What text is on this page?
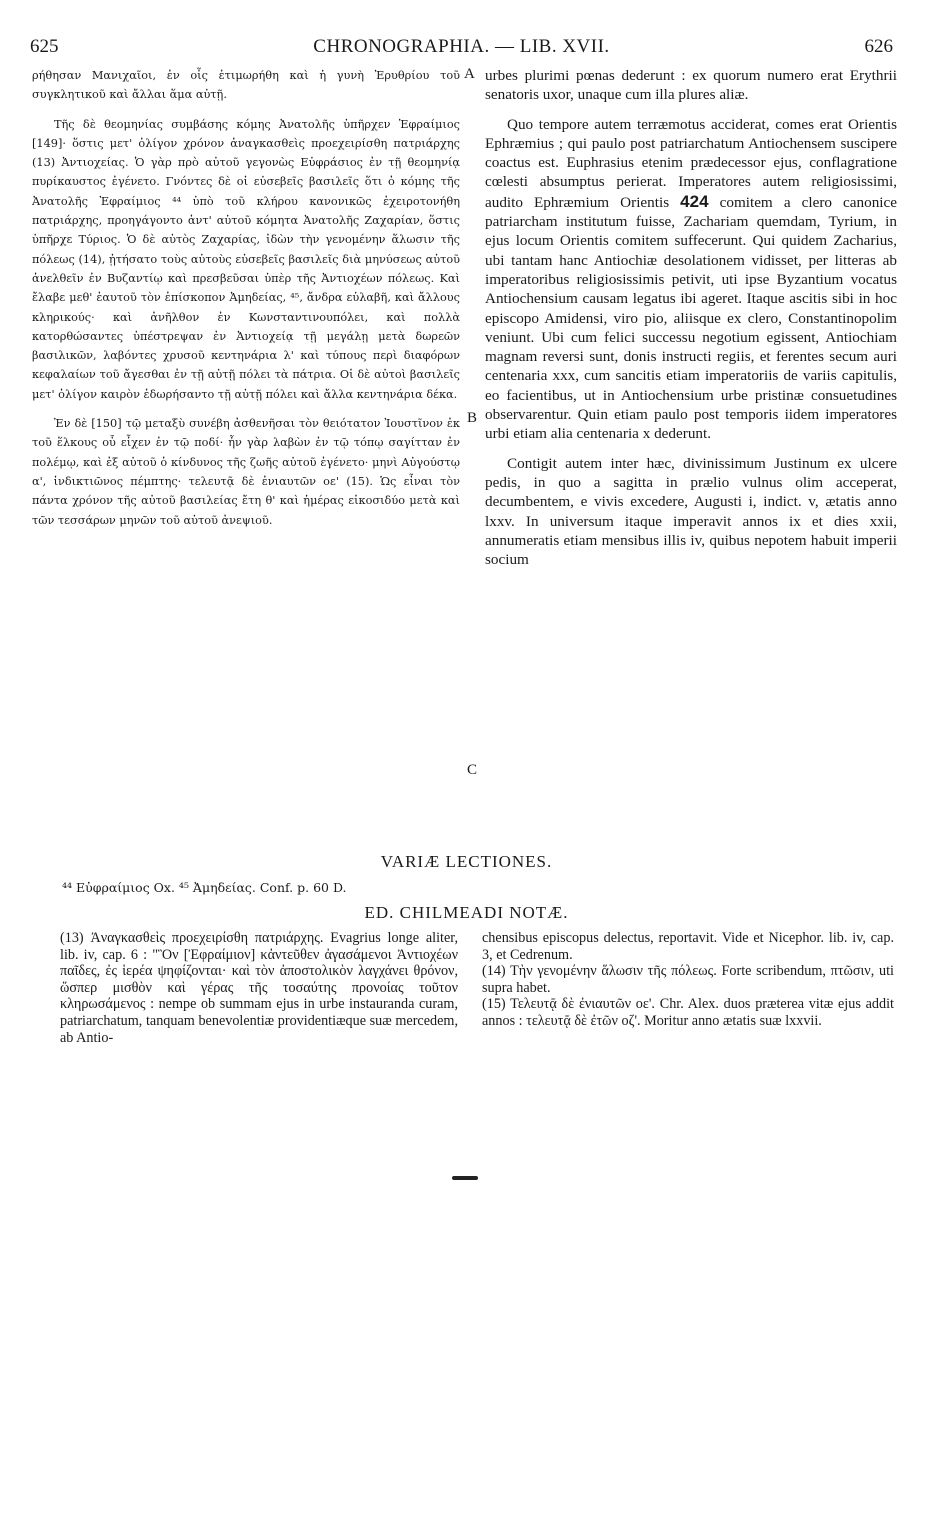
625	CHRONOGRAPHIA. — LIB. XVII.	626

ρήθησαν Μανιχαῖοι, ἐν οἷς ἐτιμωρήθη καὶ ἡ γυνὴ Ἐρυθρίου τοῦ συγκλητικοῦ καὶ ἄλλαι ἅμα αὐτῇ.

Τῆς δὲ θεομηνίας συμβάσης κόμης Ἀνατολῆς ὑπῆρχεν Ἐφραίμιος [149]· ὅστις μετ' ὀλίγον χρόνον ἀναγκασθεὶς προεχειρίσθη πατριάρχης (13) Ἀντιοχείας. Ὁ γὰρ πρὸ αὐτοῦ γεγονὼς Εὐφράσιος ἐν τῇ θεομηνίᾳ πυρίκαυστος ἐγένετο. Γνόντες δὲ οἱ εὐσεβεῖς βασιλεῖς ὅτι ὁ κόμης τῆς Ἀνατολῆς Ἐφραίμιος ⁴⁴ ὑπὸ τοῦ κλήρου κανονικῶς ἐχειροτονήθη πατριάρχης, προηγάγοντο ἀντ' αὐτοῦ κόμητα Ἀνατολῆς Ζαχαρίαν, ὅστις ὑπῆρχε Τύριος. Ὁ δὲ αὐτὸς Ζαχαρίας, ἰδὼν τὴν γενομένην ἅλωσιν τῆς πόλεως (14), ᾐτήσατο τοὺς αὐτοὺς εὐσεβεῖς βασιλεῖς διὰ μηνύσεως αὐτοῦ ἀνελθεῖν ἐν Βυζαντίῳ καὶ πρεσβεῦσαι ὑπὲρ τῆς Ἀντιοχέων πόλεως. Καὶ ἔλαβε μεθ' ἑαυτοῦ τὸν ἐπίσκοπον Ἀμηδείας, ⁴⁵, ἄνδρα εὐλαβῆ, καὶ ἄλλους κληρικούς· καὶ ἀνῆλθον ἐν Κωνσταντινουπόλει, καὶ πολλὰ κατορθώσαντες ὑπέστρεψαν ἐν Ἀντιοχείᾳ τῇ μεγάλῃ μετὰ δωρεῶν βασιλικῶν, λαβόντες χρυσοῦ κεντηνάρια λ' καὶ τύπους περὶ διαφόρων κεφαλαίων τοῦ ἄγεσθαι ἐν τῇ αὐτῇ πόλει τὰ πάτρια. Οἱ δὲ αὐτοὶ βασιλεῖς μετ' ὀλίγον καιρὸν ἐδωρήσαντο τῇ αὐτῇ πόλει καὶ ἄλλα κεντηνάρια δέκα.

Ἐν δὲ [150] τῷ μεταξὺ συνέβη ἀσθενῆσαι τὸν θειότατον Ἰουστῖνον ἐκ τοῦ ἕλκους οὗ εἶχεν ἐν τῷ ποδί· ἦν γὰρ λαβὼν ἐν τῷ τόπῳ σαγίτταν ἐν πολέμῳ, καὶ ἐξ αὐτοῦ ὁ κίνδυνος τῆς ζωῆς αὐτοῦ ἐγένετο· μηνὶ Αὐγούστῳ α', ἰνδικτιῶνος πέμπτης· τελευτᾷ δὲ ἐνιαυτῶν οε' (15). Ὡς εἶναι τὸν πάντα χρόνον τῆς αὐτοῦ βασιλείας ἔτη θ' καὶ ἡμέρας εἰκοσιδύο μετὰ καὶ τῶν τεσσάρων μηνῶν τοῦ αὐτοῦ ἀνεψιοῦ.

A
B
C

urbes plurimi pœnas dederunt : ex quorum numero erat Erythrii senatoris uxor, unaque cum illa plures aliæ.

Quo tempore autem terræmotus acciderat, comes erat Orientis Ephræmius ; qui paulo post patriarchatum Antiochensem suscipere coactus est. Euphrasius etenim prædecessor ejus, conflagratione cœlesti absumptus perierat. Imperatores autem religiosissimi, audito Ephræmium Orientis 424 comitem a clero canonice patriarcham institutum fuisse, Zachariam quemdam, Tyrium, in ejus locum Orientis comitem suffecerunt. Qui quidem Zacharius, ubi tantam hanc Antiochiæ desolationem vidisset, per litteras ab imperatoribus religiosissimis petivit, uti ipse Byzantium vocatus Antiochensium causam legatus ibi ageret. Itaque ascitis sibi in hoc episcopo Amidensi, viro pio, aliisque ex clero, Constantinopolim veniunt. Ubi cum felici successu negotium egissent, Antiochiam magnam reversi sunt, donis instructi regiis, et ferentes secum auri centenaria xxx, cum sancitis etiam imperatoriis de variis capitulis, eo facientibus, ut in Antiochensium urbe pristinæ consuetudines observarentur. Quin etiam paulo post temporis iidem imperatores urbi etiam alia centenaria x dederunt.

Contigit autem inter hæc, divinissimum Justinum ex ulcere pedis, in quo a sagitta in prælio vulnus olim acceperat, decumbentem, e vivis excedere, Augusti i, indict. v, ætatis anno lxxv. In universum itaque imperavit annos ix et dies xxii, annumeratis etiam mensibus illis iv, quibus nepotem habuit imperii socium

VARIÆ LECTIONES.
⁴⁴ Εὐφραίμιος Ox. ⁴⁵ Ἀμηδείας. Conf. p. 60 D.
ED. CHILMEADI NOTÆ.

(13) Ἀναγκασθεὶς προεχειρίσθη πατριάρχης. Evagrius longe aliter, lib. iv, cap. 6 : "Ὃν [Ἐφραίμιον] κἀντεῦθεν ἀγασάμενοι Ἀντιοχέων παῖδες, ἐς ἱερέα ψηφίζονται· καὶ τὸν ἀποστολικὸν λαγχάνει θρόνον, ὥσπερ μισθὸν καὶ γέρας τῆς τοσαύτης προνοίας τοῦτον κληρωσάμενος : nempe ob summam ejus in urbe instauranda curam, patriarchatum, tanquam benevolentiæ providentiæque suæ mercedem, ab Antio-

chensibus episcopus delectus, reportavit. Vide et Nicephor. lib. iv, cap. 3, et Cedrenum.

(14) Τὴν γενομένην ἅλωσιν τῆς πόλεως. Forte scribendum, πτῶσιν, uti supra habet.

(15) Τελευτᾷ δὲ ἐνιαυτῶν οε'. Chr. Alex. duos præterea vitæ ejus addit annos : τελευτᾷ δὲ ἐτῶν οζ'. Moritur anno ætatis suæ lxxvii.
